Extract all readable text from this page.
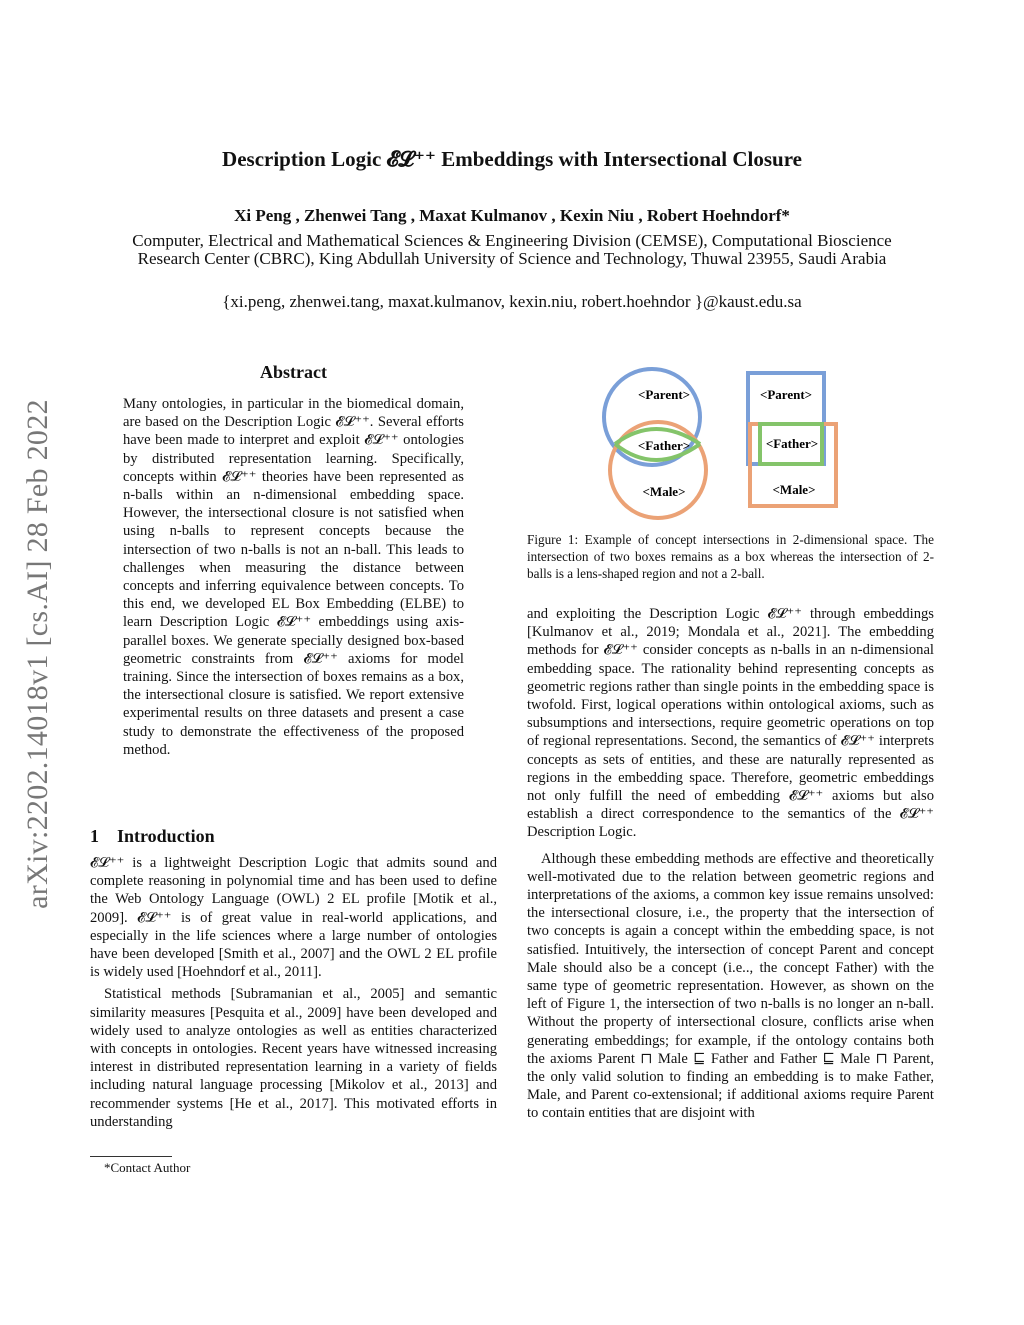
Description Logic 𝓔𝓛⁺⁺ Embeddings with Intersectional Closure
Xi Peng , Zhenwei Tang , Maxat Kulmanov , Kexin Niu , Robert Hoehndorf*
Computer, Electrical and Mathematical Sciences & Engineering Division (CEMSE), Computational Bioscience Research Center (CBRC), King Abdullah University of Science and Technology, Thuwal 23955, Saudi Arabia
{xi.peng, zhenwei.tang, maxat.kulmanov, kexin.niu, robert.hoehndor }@kaust.edu.sa
arXiv:2202.14018v1 [cs.AI] 28 Feb 2022
Abstract
Many ontologies, in particular in the biomedical domain, are based on the Description Logic 𝓔𝓛⁺⁺. Several efforts have been made to interpret and exploit 𝓔𝓛⁺⁺ ontologies by distributed representation learning. Specifically, concepts within 𝓔𝓛⁺⁺ theories have been represented as n-balls within an n-dimensional embedding space. However, the intersectional closure is not satisfied when using n-balls to represent concepts because the intersection of two n-balls is not an n-ball. This leads to challenges when measuring the distance between concepts and inferring equivalence between concepts. To this end, we developed EL Box Embedding (ELBE) to learn Description Logic 𝓔𝓛⁺⁺ embeddings using axis-parallel boxes. We generate specially designed box-based geometric constraints from 𝓔𝓛⁺⁺ axioms for model training. Since the intersection of boxes remains as a box, the intersectional closure is satisfied. We report extensive experimental results on three datasets and present a case study to demonstrate the effectiveness of the proposed method.
1 Introduction

𝓔𝓛⁺⁺ is a lightweight Description Logic that admits sound and complete reasoning in polynomial time and has been used to define the Web Ontology Language (OWL) 2 EL profile [Motik et al., 2009]. 𝓔𝓛⁺⁺ is of great value in real-world applications, and especially in the life sciences where a large number of ontologies have been developed [Smith et al., 2007] and the OWL 2 EL profile is widely used [Hoehndorf et al., 2011].

Statistical methods [Subramanian et al., 2005] and semantic similarity measures [Pesquita et al., 2009] have been developed and widely used to analyze ontologies as well as entities characterized with concepts in ontologies. Recent years have witnessed increasing interest in distributed representation learning in a variety of fields including natural language processing [Mikolov et al., 2013] and recommender systems [He et al., 2017]. This motivated efforts in understanding

*Contact Author
<Parent>
<Father>
<Male>
<Parent>
<Father>
<Male>
Figure 1: Example of concept intersections in 2-dimensional space. The intersection of two boxes remains as a box whereas the intersection of 2-balls is a lens-shaped region and not a 2-ball.

and exploiting the Description Logic 𝓔𝓛⁺⁺ through embeddings [Kulmanov et al., 2019; Mondala et al., 2021]. The embedding methods for 𝓔𝓛⁺⁺ consider concepts as n-balls in an n-dimensional embedding space. The rationality behind representing concepts as geometric regions rather than single points in the embedding space is twofold. First, logical operations within ontological axioms, such as subsumptions and intersections, require geometric operations on top of regional representations. Second, the semantics of 𝓔𝓛⁺⁺ interprets concepts as sets of entities, and these are naturally represented as regions in the embedding space. Therefore, geometric embeddings not only fulfill the need of embedding 𝓔𝓛⁺⁺ axioms but also establish a direct correspondence to the semantics of the 𝓔𝓛⁺⁺ Description Logic.

Although these embedding methods are effective and theoretically well-motivated due to the relation between geometric regions and interpretations of the axioms, a common key issue remains unsolved: the intersectional closure, i.e., the property that the intersection of two concepts is again a concept within the embedding space, is not satisfied. Intuitively, the intersection of concept Parent and concept Male should also be a concept (i.e.., the concept Father) with the same type of geometric representation. However, as shown on the left of Figure 1, the intersection of two n-balls is no longer an n-ball. Without the property of intersectional closure, conflicts arise when generating embeddings; for example, if the ontology contains both the axioms Parent ⊓ Male ⊑ Father and Father ⊑ Male ⊓ Parent, the only valid solution to finding an embedding is to make Father, Male, and Parent co-extensional; if additional axioms require Parent to contain entities that are disjoint with
